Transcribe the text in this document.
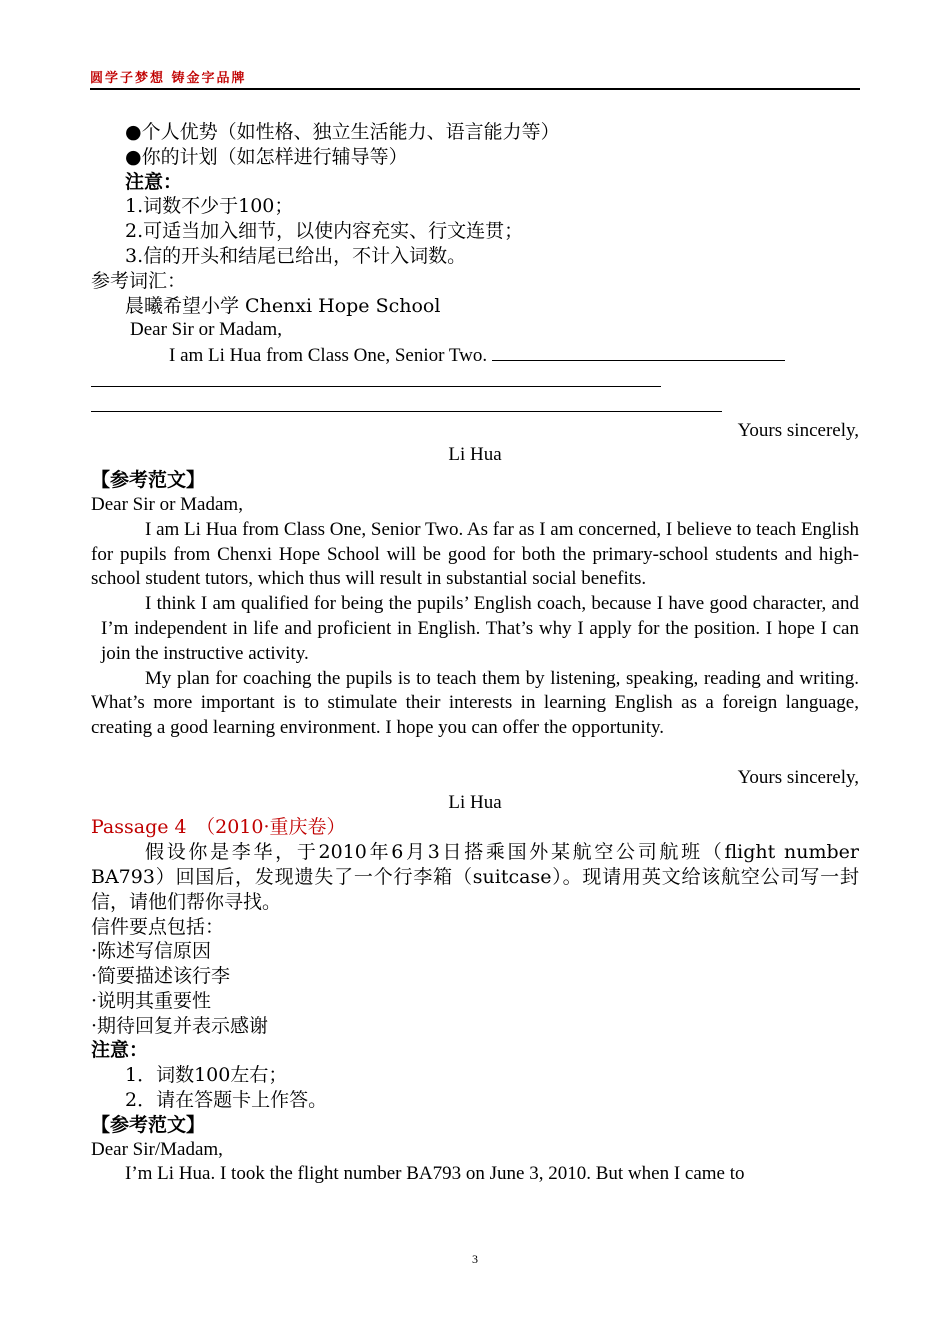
圆学子梦想 铸金字品牌

●个人优势（如性格、独立生活能力、语言能力等）

●你的计划（如怎样进行辅导等）

注意：

1.词数不少于100；

2.可适当加入细节，以使内容充实、行文连贯；

3.信的开头和结尾已给出，不计入词数。

参考词汇：

晨曦希望小学 Chenxi Hope School

Dear Sir or Madam,

I am Li Hua from Class One, Senior Two.

Yours sincerely,

Li Hua

【参考范文】

Dear Sir or Madam,

I am Li Hua from Class One, Senior Two. As far as I am concerned, I believe to teach English for pupils from Chenxi Hope School will be good for both the primary-school students and high-school student tutors, which thus will result in substantial social benefits.

I think I am qualified for being the pupils’ English coach, because I have good character, and I’m independent in life and proficient in English. That’s why I apply for the position. I hope I can join the instructive activity.

My plan for coaching the pupils is to teach them by listening, speaking, reading and writing. What’s more important is to stimulate their interests in learning English as a foreign language, creating a good learning environment. I hope you can offer the opportunity.

Yours sincerely,

Li Hua

Passage 4　（2010·重庆卷）

假设你是李华，于2010年6月3日搭乘国外某航空公司航班（flight number BA793）回国后，发现遗失了一个行李箱（suitcase）。现请用英文给该航空公司写一封信，请他们帮你寻找。

信件要点包括：

·陈述写信原因

·简要描述该行李

·说明其重要性

·期待回复并表示感谢

注意：

1．词数100左右；

2．请在答题卡上作答。

【参考范文】

Dear Sir/Madam,

I’m Li Hua. I took the flight number BA793 on June 3, 2010. But when I came to

3
